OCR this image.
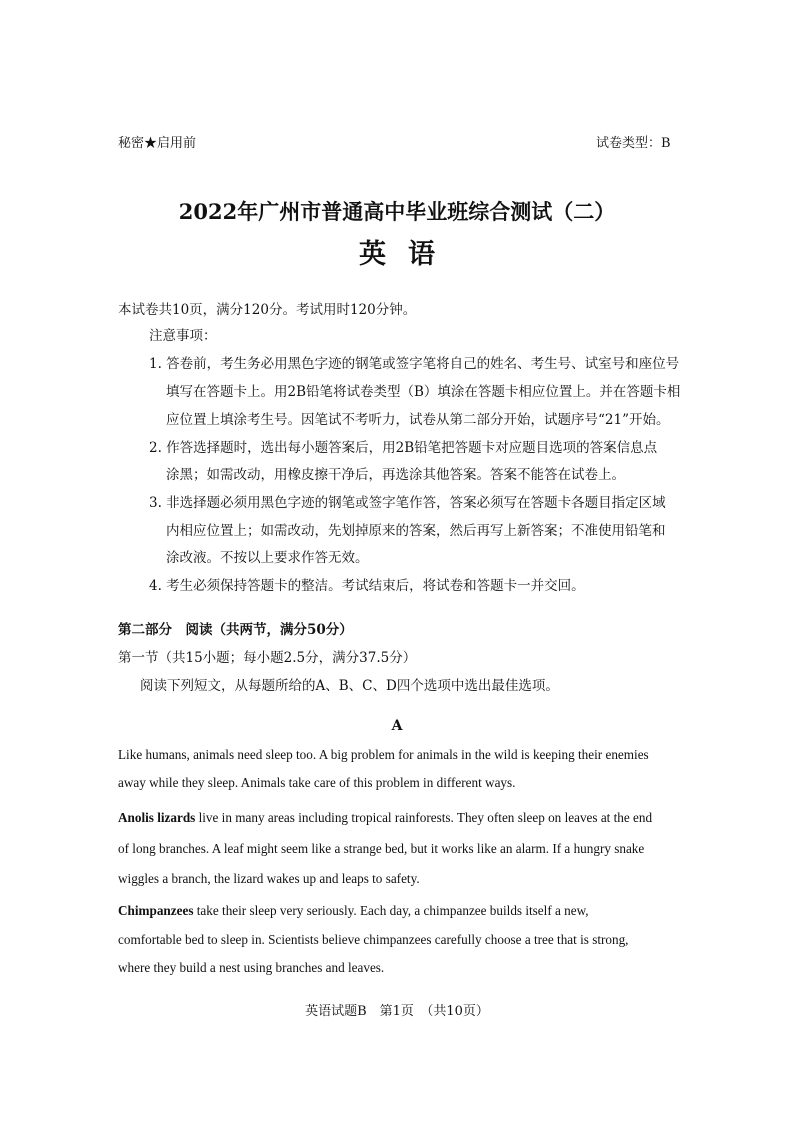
秘密★启用前	试卷类型：B
2022年广州市普通高中毕业班综合测试（二）
英语
本试卷共10页，满分120分。考试用时120分钟。
注意事项：
1. 答卷前，考生务必用黑色字迹的钢笔或签字笔将自己的姓名、考生号、试室号和座位号
填写在答题卡上。用2B铅笔将试卷类型（B）填涂在答题卡相应位置上。并在答题卡相
应位置上填涂考生号。因笔试不考听力，试卷从第二部分开始，试题序号“21”开始。
2. 作答选择题时，选出每小题答案后，用2B铅笔把答题卡对应题目选项的答案信息点
涂黑；如需改动，用橡皮擦干净后，再选涂其他答案。答案不能答在试卷上。
3. 非选择题必须用黑色字迹的钢笔或签字笔作答，答案必须写在答题卡各题目指定区域
内相应位置上；如需改动，先划掉原来的答案，然后再写上新答案；不准使用铅笔和
涂改液。不按以上要求作答无效。
4. 考生必须保持答题卡的整洁。考试结束后，将试卷和答题卡一并交回。
第二部分　阅读（共两节，满分50分）
第一节（共15小题；每小题2.5分，满分37.5分）
阅读下列短文，从每题所给的A、B、C、D四个选项中选出最佳选项。
A
Like humans, animals need sleep too. A big problem for animals in the wild is keeping their enemies
away while they sleep. Animals take care of this problem in different ways.
Anolis lizards live in many areas including tropical rainforests. They often sleep on leaves at the end
of long branches. A leaf might seem like a strange bed, but it works like an alarm. If a hungry snake
wiggles a branch, the lizard wakes up and leaps to safety.
Chimpanzees take their sleep very seriously. Each day, a chimpanzee builds itself a new,
comfortable bed to sleep in. Scientists believe chimpanzees carefully choose a tree that is strong,
where they build a nest using branches and leaves.
英语试题B　第1页　（共10页）
